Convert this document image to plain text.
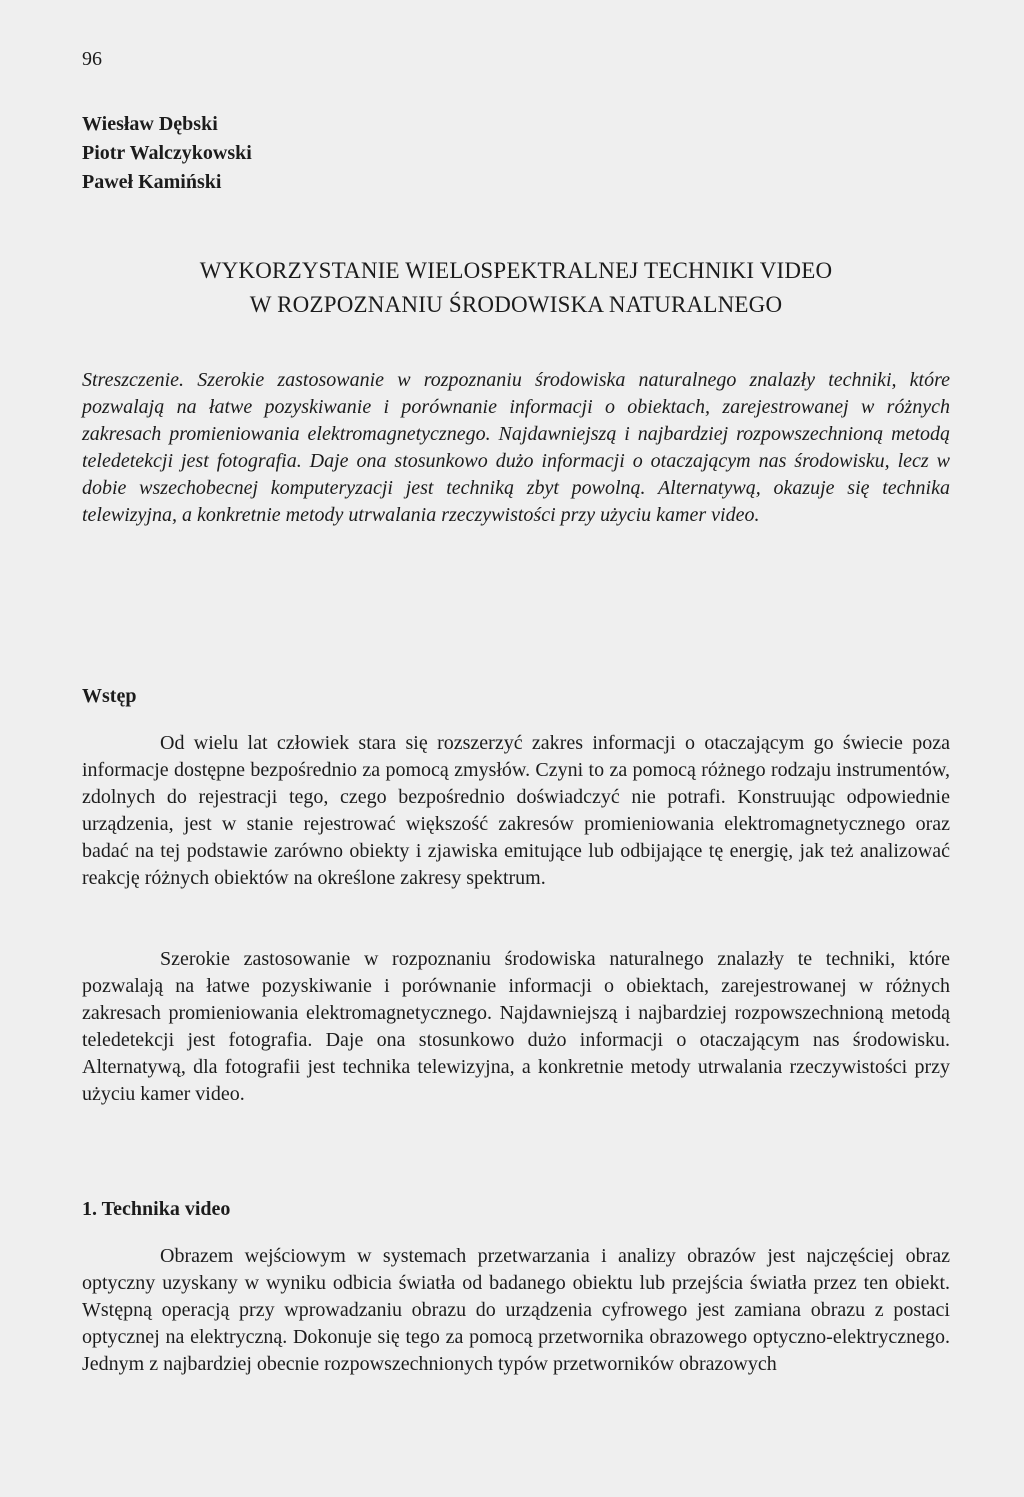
96
Wiesław Dębski
Piotr Walczykowski
Paweł Kamiński
WYKORZYSTANIE WIELOSPEKTRALNEJ TECHNIKI VIDEO
W ROZPOZNANIU ŚRODOWISKA NATURALNEGO
Streszczenie. Szerokie zastosowanie w rozpoznaniu środowiska naturalnego znalazły techniki, które pozwalają na łatwe pozyskiwanie i porównanie informacji o obiektach, zarejestrowanej w różnych zakresach promieniowania elektromagnetycznego. Najdawniejszą i najbardziej rozpowszechnioną metodą teledetekcji jest fotografia. Daje ona stosunkowo dużo informacji o otaczającym nas środowisku, lecz w dobie wszechobecnej komputeryzacji jest techniką zbyt powolną. Alternatywą, okazuje się technika telewizyjna, a konkretnie metody utrwalania rzeczywistości przy użyciu kamer video.
Wstęp
Od wielu lat człowiek stara się rozszerzyć zakres informacji o otaczającym go świecie poza informacje dostępne bezpośrednio za pomocą zmysłów. Czyni to za pomocą różnego rodzaju instrumentów, zdolnych do rejestracji tego, czego bezpośrednio doświadczyć nie potrafi. Konstruując odpowiednie urządzenia, jest w stanie rejestrować większość zakresów promieniowania elektromagnetycznego oraz badać na tej podstawie zarówno obiekty i zjawiska emitujące lub odbijające tę energię, jak też analizować reakcję różnych obiektów na określone zakresy spektrum.
Szerokie zastosowanie w rozpoznaniu środowiska naturalnego znalazły te techniki, które pozwalają na łatwe pozyskiwanie i porównanie informacji o obiektach, zarejestrowanej w różnych zakresach promieniowania elektromagnetycznego. Najdawniejszą i najbardziej rozpowszechnioną metodą teledetekcji jest fotografia. Daje ona stosunkowo dużo informacji o otaczającym nas środowisku. Alternatywą, dla fotografii jest technika telewizyjna, a konkretnie metody utrwalania rzeczywistości przy użyciu kamer video.
1. Technika video
Obrazem wejściowym w systemach przetwarzania i analizy obrazów jest najczęściej obraz optyczny uzyskany w wyniku odbicia światła od badanego obiektu lub przejścia światła przez ten obiekt. Wstępną operacją przy wprowadzaniu obrazu do urządzenia cyfrowego jest zamiana obrazu z postaci optycznej na elektryczną. Dokonuje się tego za pomocą przetwornika obrazowego optyczno-elektrycznego. Jednym z najbardziej obecnie rozpowszechnionych typów przetworników obrazowych
